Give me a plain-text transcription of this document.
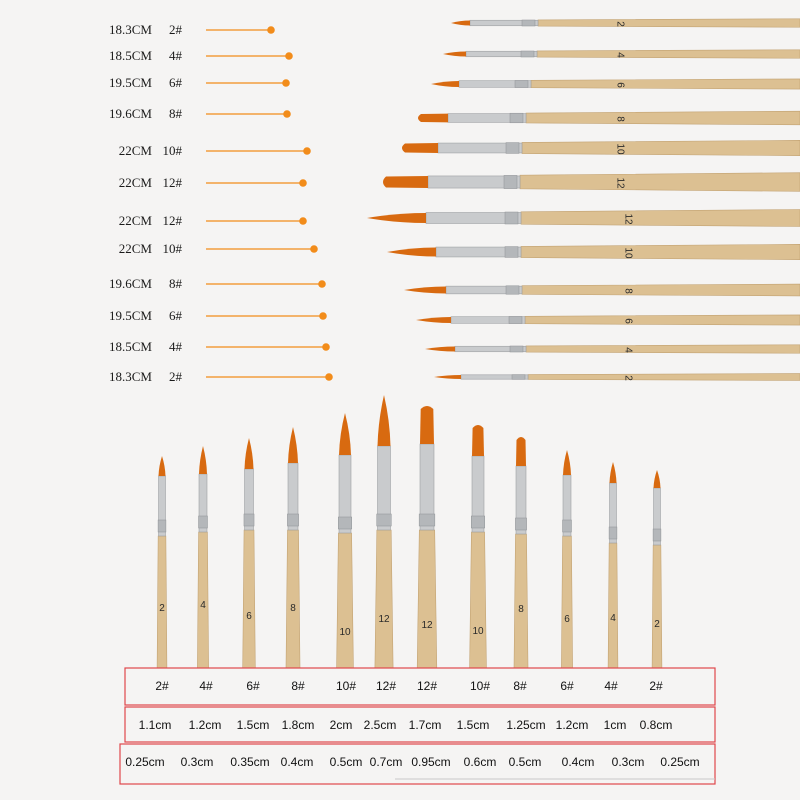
18.3CM 2#
18.5CM 4#
19.5CM 6#
19.6CM 8#
22CM 10#
22CM 12#
22CM 12#
22CM 10#
19.6CM 8#
19.5CM 6#
18.5CM 4#
18.3CM 2#
2
4
6
8
10
12
12
10
8
6
4
2
2	4
6
8
10
12
12
10
8
6	4
2
2#	4#	6#	8#	10# 12# 12#	10# 8#	6#	4#	2#
1.1cm 1.2cm 1.5cm 1.8cm 2cm 2.5cm 1.7cm 1.5cm 1.25cm 1.2cm 1cm 0.8cm
0.25cm 0.3cm 0.35cm 0.4cm 0.5cm 0.7cm 0.95cm 0.6cm 0.5cm 0.4cm 0.3cm 0.25cm
